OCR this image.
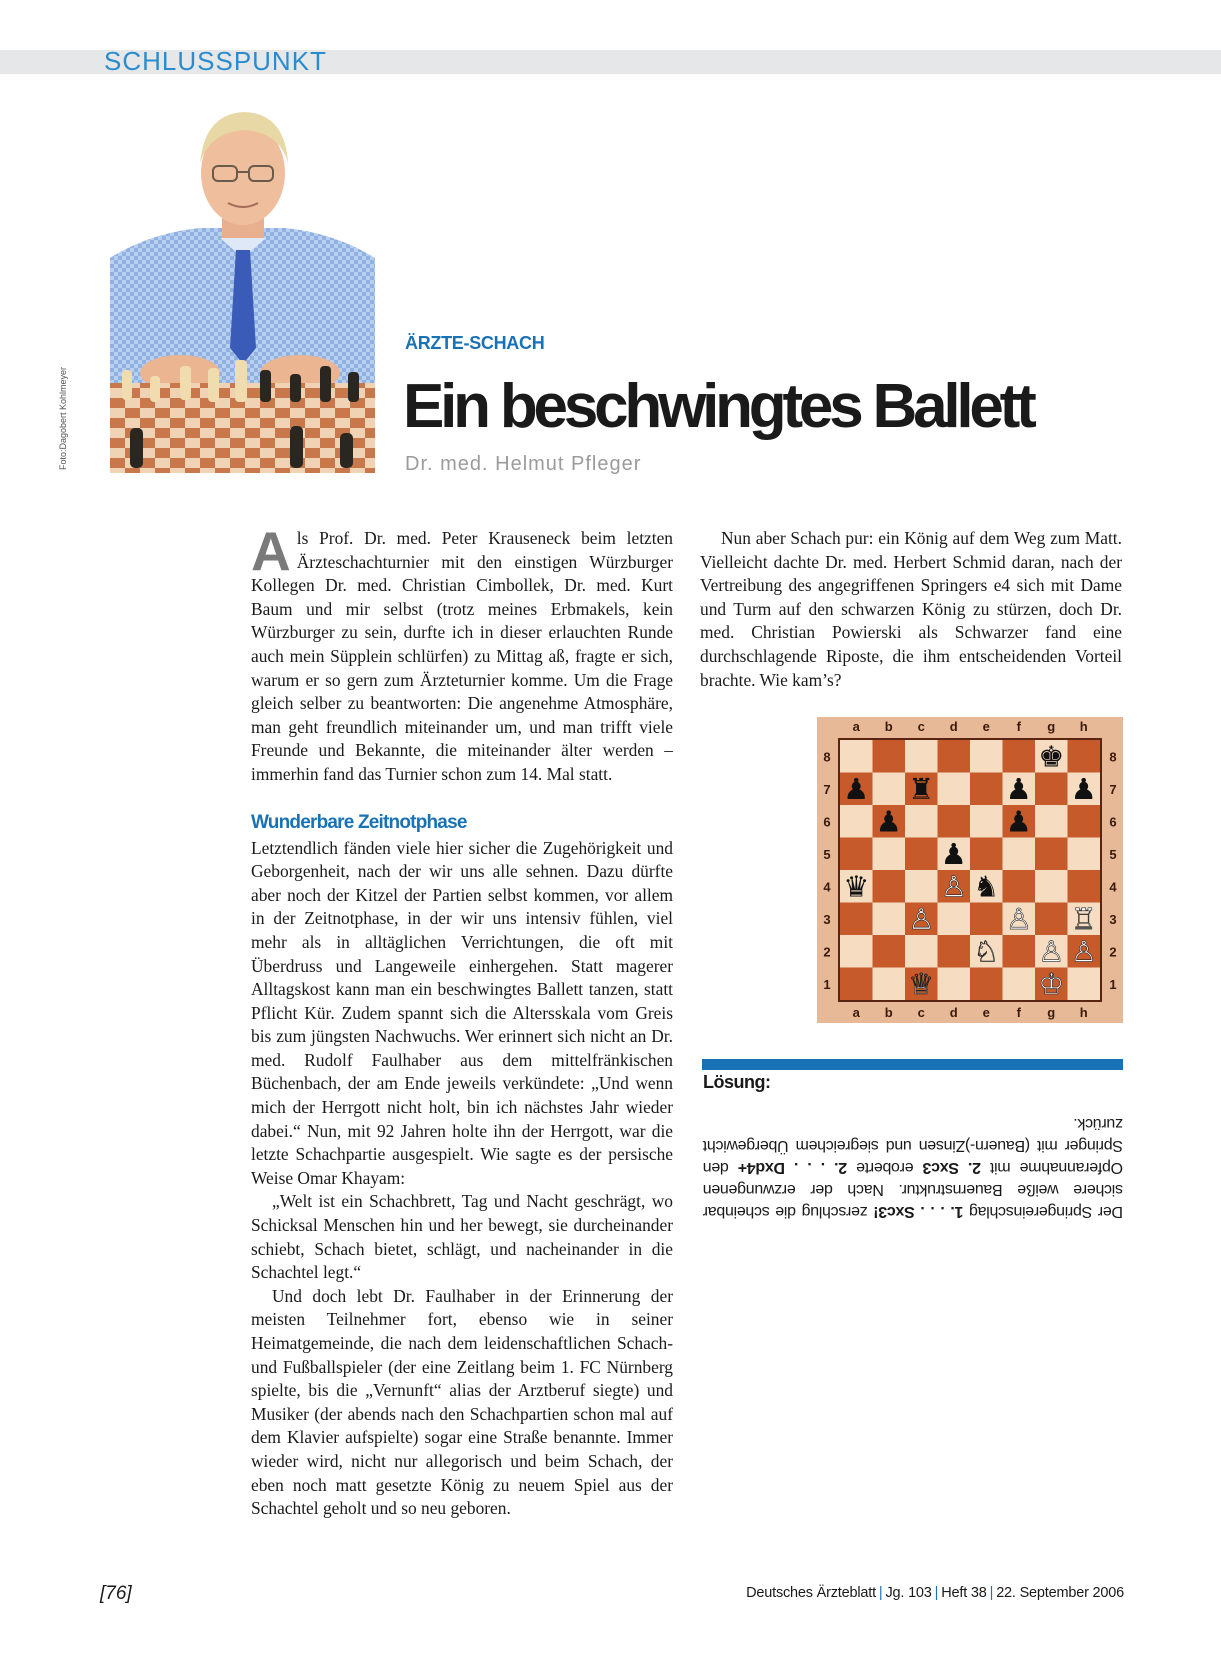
SCHLUSSPUNKT
Foto:Dagobert Kohlmeyer
ÄRZTE-SCHACH
Ein beschwingtes Ballett
Dr. med. Helmut Pfleger

Als Prof. Dr. med. Peter Krauseneck beim letzten Ärzteschachturnier mit den einstigen Würzburger Kollegen Dr. med. Christian Cimbollek, Dr. med. Kurt Baum und mir selbst (trotz meines Erbmakels, kein Würzburger zu sein, durfte ich in dieser erlauchten Runde auch mein Süpplein schlürfen) zu Mittag aß, fragte er sich, warum er so gern zum Ärzteturnier komme. Um die Frage gleich selber zu beantworten: Die angenehme Atmosphäre, man geht freundlich miteinander um, und man trifft viele Freunde und Bekannte, die miteinander älter werden – immerhin fand das Turnier schon zum 14. Mal statt.

Wunderbare Zeitnotphase

Letztendlich fänden viele hier sicher die Zugehörigkeit und Geborgenheit, nach der wir uns alle sehnen. Dazu dürfte aber noch der Kitzel der Partien selbst kommen, vor allem in der Zeitnotphase, in der wir uns intensiv fühlen, viel mehr als in alltäglichen Verrichtungen, die oft mit Überdruss und Langeweile einhergehen. Statt magerer Alltagskost kann man ein beschwingtes Ballett tanzen, statt Pflicht Kür. Zudem spannt sich die Altersskala vom Greis bis zum jüngsten Nachwuchs. Wer erinnert sich nicht an Dr. med. Rudolf Faulhaber aus dem mittelfränkischen Büchenbach, der am Ende jeweils verkündete: „Und wenn mich der Herrgott nicht holt, bin ich nächstes Jahr wieder dabei.“ Nun, mit 92 Jahren holte ihn der Herrgott, war die letzte Schachpartie ausgespielt. Wie sagte es der persische Weise Omar Khayam:

„Welt ist ein Schachbrett, Tag und Nacht geschrägt, wo Schicksal Menschen hin und her bewegt, sie durcheinander schiebt, Schach bietet, schlägt, und nacheinander in die Schachtel legt.“

Und doch lebt Dr. Faulhaber in der Erinnerung der meisten Teilnehmer fort, ebenso wie in seiner Heimatgemeinde, die nach dem leidenschaftlichen Schach- und Fußballspieler (der eine Zeitlang beim 1. FC Nürnberg spielte, bis die „Vernunft“ alias der Arztberuf siegte) und Musiker (der abends nach den Schachpartien schon mal auf dem Klavier aufspielte) sogar eine Straße benannte. Immer wieder wird, nicht nur allegorisch und beim Schach, der eben noch matt gesetzte König zu neuem Spiel aus der Schachtel geholt und so neu geboren.

Nun aber Schach pur: ein König auf dem Weg zum Matt. Vielleicht dachte Dr. med. Herbert Schmid daran, nach der Vertreibung des angegriffenen Springers e4 sich mit Dame und Turm auf den schwarzen König zu stürzen, doch Dr. med. Christian Powierski als Schwarzer fand eine durchschlagende Riposte, die ihm entscheidenden Vorteil brachte. Wie kam’s?

a
a
b
b
c
c
d
d
e
e
f
f
g
g
h
h
8	8
7	7
6	6
5	5
4	4
3	3
2	2
1	1
♚
♟ ♜ ♟ ♟
♟	♟
♟
♛ ♙ ♞
♙ ♙ ♖
♘ ♙ ♙
♕	♔
Lösung:
Der Springereinschlag 1. . . . Sxc3! zerschlug die scheinbar sichere weiße Bauernstruktur. Nach der erzwungenen Opferannahme mit 2. Sxc3 eroberte 2. . . . Dxd4+ den Springer mit (Bauern-)Zinsen und siegreichem Übergewicht zurück.
[76]	Deutsches Ärzteblatt | Jg. 103 | Heft 38 | 22. September 2006
